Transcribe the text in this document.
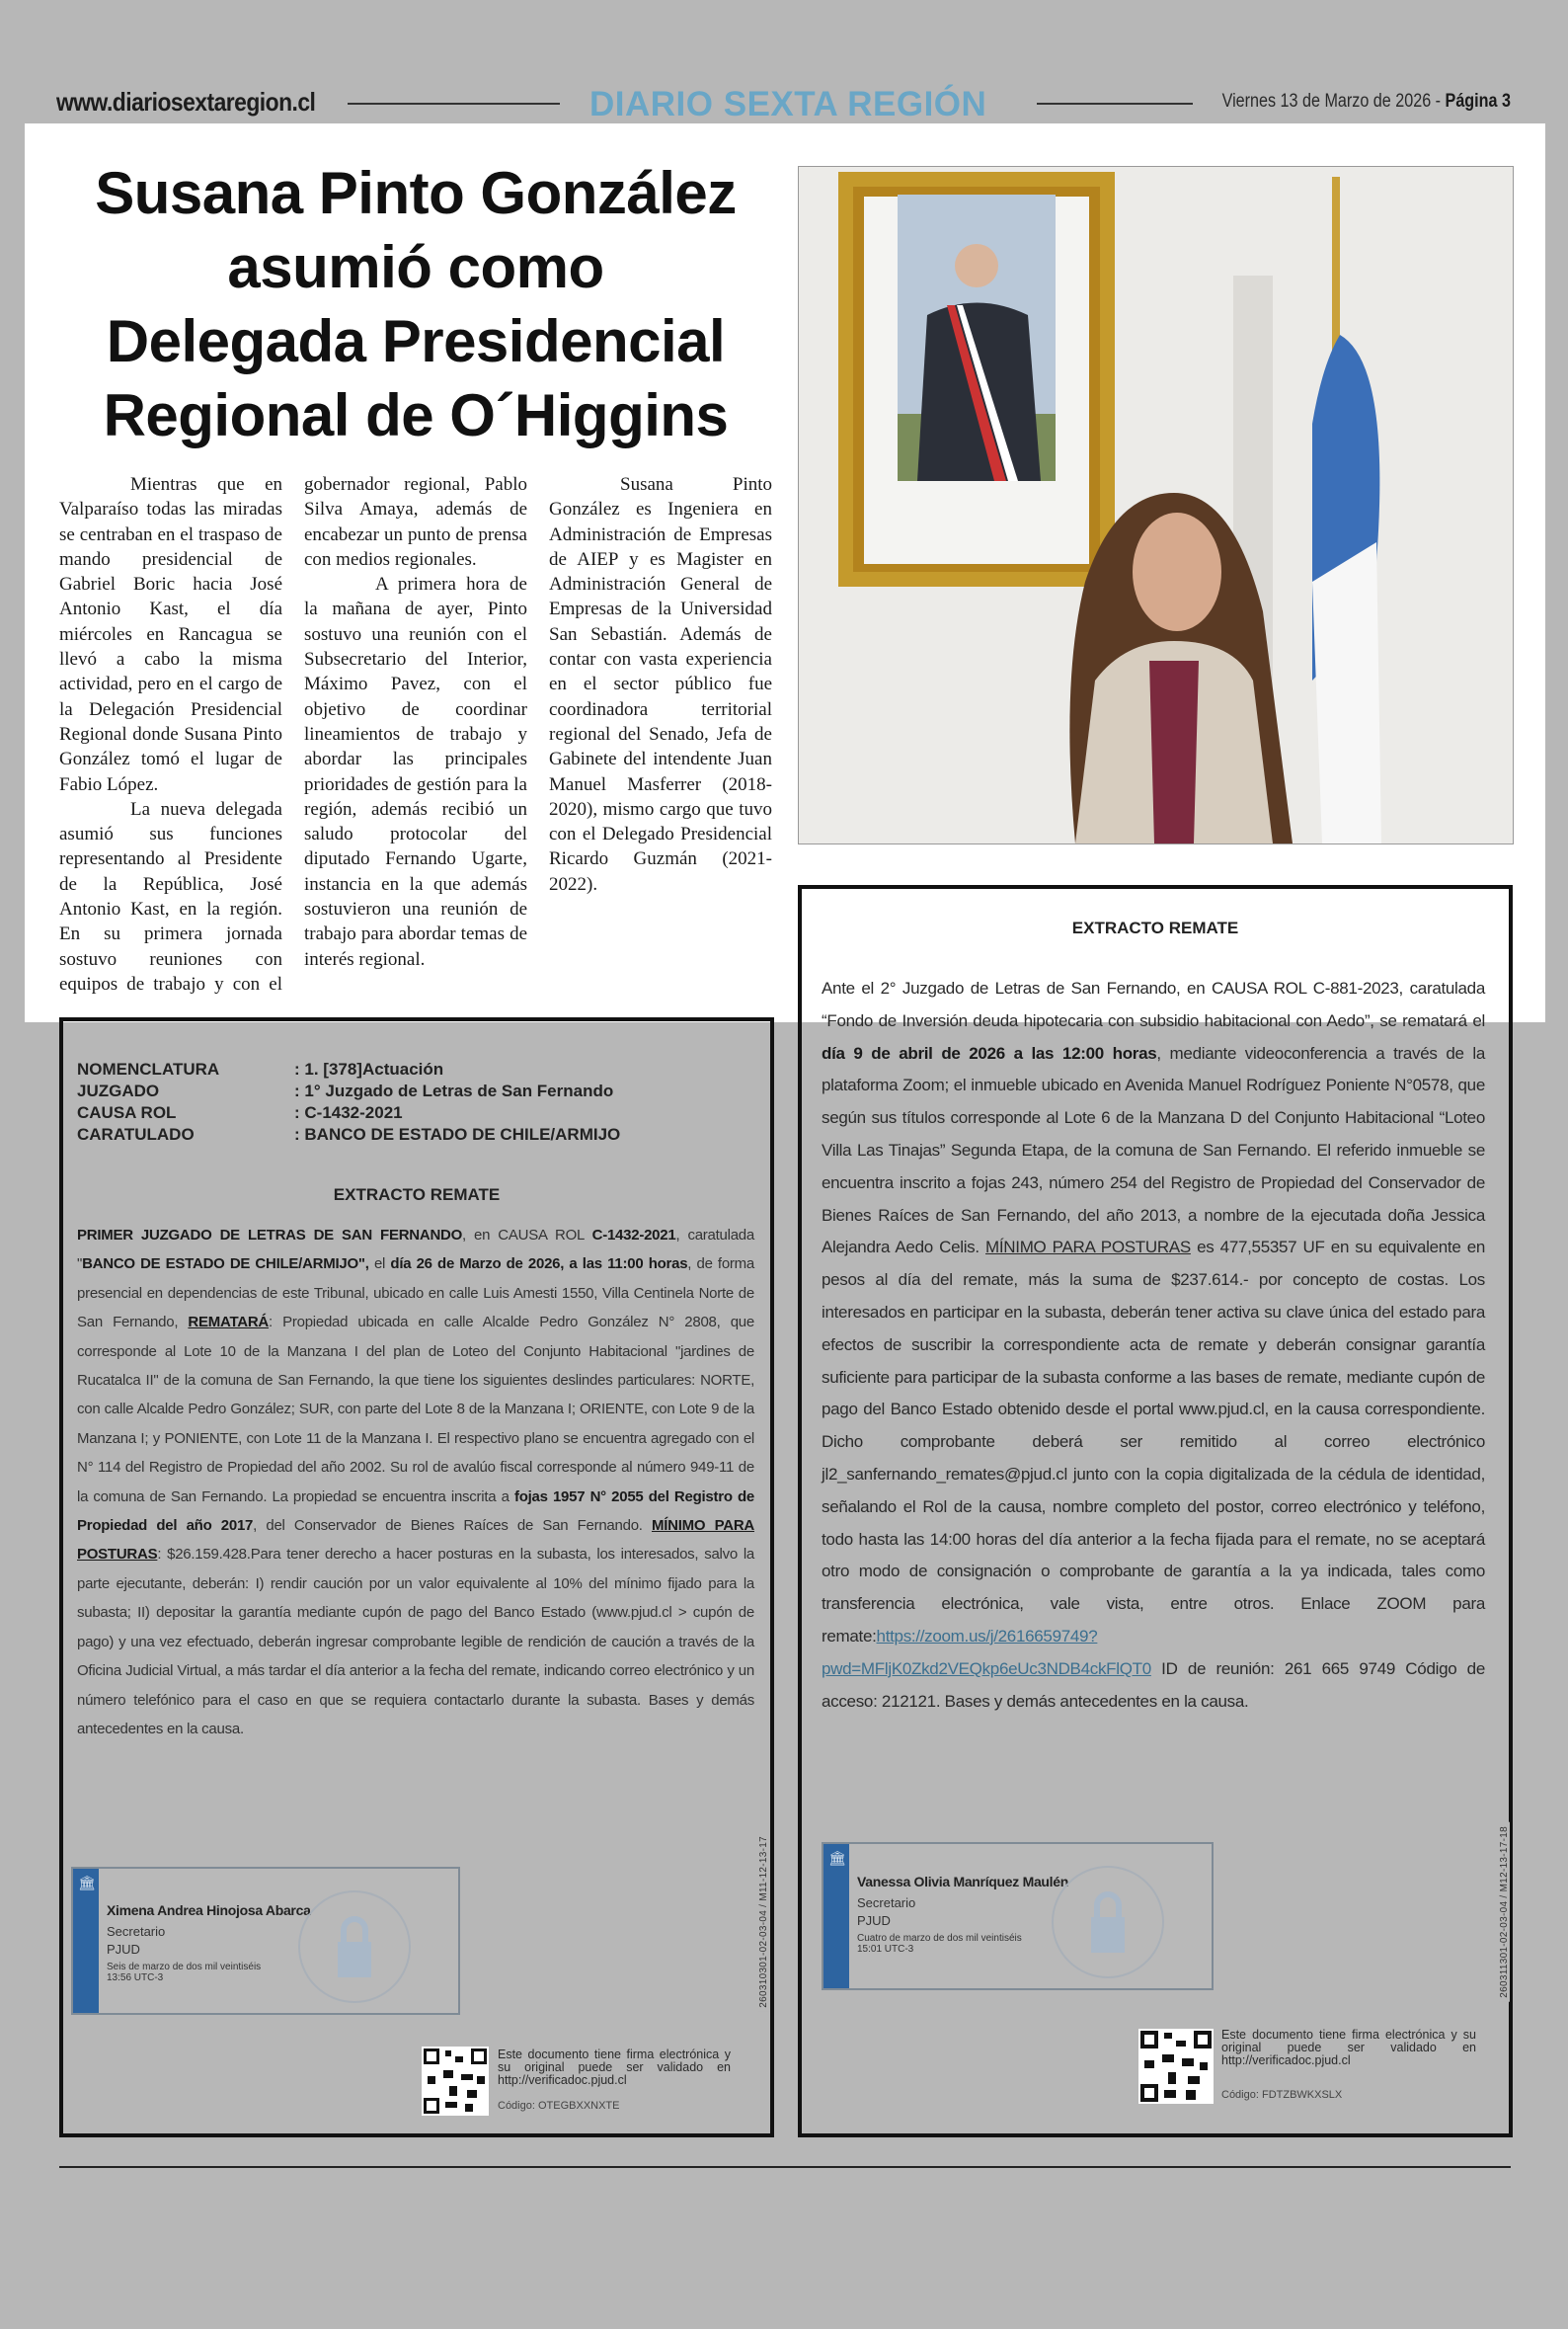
www.diariosextaregion.cl	DIARIO SEXTA REGIÓN	Viernes 13 de Marzo de 2026 - Página 3
Susana Pinto González
asumió como
Delegada Presidencial
Regional de O´Higgins

Mientras que en Valparaíso todas las miradas se centraban en el traspaso de mando presidencial de Gabriel Boric hacia José Antonio Kast, el día miércoles en Rancagua se llevó a cabo la misma actividad, pero en el cargo de la Delegación Presidencial Regional donde Susana Pinto González tomó el lugar de Fabio López.

La nueva delegada asumió sus funciones representando al Presidente de la República, José Antonio Kast, en la región. En su primera jornada sostuvo reuniones con equipos de trabajo y con el gobernador regional, Pablo Silva Amaya, además de encabezar un punto de prensa con medios regionales.

A primera hora de la mañana de ayer, Pinto sostuvo una reunión con el Subsecretario del Interior, Máximo Pavez, con el objetivo de coordinar lineamientos de trabajo y abordar las principales prioridades de gestión para la región, además recibió un saludo protocolar del diputado Fernando Ugarte, instancia en la que además sostuvieron una reunión de trabajo para abordar temas de interés regional.

Susana Pinto González es Ingeniera en Administración de Empresas de AIEP y es Magister en Administración General de Empresas de la Universidad San Sebastián. Además de contar con vasta experiencia en el sector público fue coordinadora territorial regional del Senado, Jefa de Gabinete del intendente Juan Manuel Masferrer (2018-2020), mismo cargo que tuvo con el Delegado Presidencial Ricardo Guzmán (2021-2022).

NOMENCLATURA	: 1. [378]Actuación
JUZGADO	: 1° Juzgado de Letras de San Fernando
CAUSA ROL	: C-1432-2021
CARATULADO	: BANCO DE ESTADO DE CHILE/ARMIJO
EXTRACTO REMATE
PRIMER JUZGADO DE LETRAS DE SAN FERNANDO, en CAUSA ROL C-1432-2021, caratulada "BANCO DE ESTADO DE CHILE/ARMIJO", el día 26 de Marzo de 2026, a las 11:00 horas, de forma presencial en dependencias de este Tribunal, ubicado en calle Luis Amesti 1550, Villa Centinela Norte de San Fernando, REMATARÁ: Propiedad ubicada en calle Alcalde Pedro González N° 2808, que corresponde al Lote 10 de la Manzana I del plan de Loteo del Conjunto Habitacional "jardines de Rucatalca II" de la comuna de San Fernando, la que tiene los siguientes deslindes particulares: NORTE, con calle Alcalde Pedro González; SUR, con parte del Lote 8 de la Manzana I; ORIENTE, con Lote 9 de la Manzana I; y PONIENTE, con Lote 11 de la Manzana I. El respectivo plano se encuentra agregado con el N° 114 del Registro de Propiedad del año 2002. Su rol de avalúo fiscal corresponde al número 949-11 de la comuna de San Fernando. La propiedad se encuentra inscrita a fojas 1957 N° 2055 del Registro de Propiedad del año 2017, del Conservador de Bienes Raíces de San Fernando. MÍNIMO PARA POSTURAS: $26.159.428.Para tener derecho a hacer posturas en la subasta, los interesados, salvo la parte ejecutante, deberán: I) rendir caución por un valor equivalente al 10% del mínimo fijado para la subasta; II) depositar la garantía mediante cupón de pago del Banco Estado (www.pjud.cl > cupón de pago) y una vez efectuado, deberán ingresar comprobante legible de rendición de caución a través de la Oficina Judicial Virtual, a más tardar el día anterior a la fecha del remate, indicando correo electrónico y un número telefónico para el caso en que se requiera contactarlo durante la subasta. Bases y demás antecedentes en la causa.
🏛
Ximena Andrea Hinojosa Abarca
Secretario
PJUD
Seis de marzo de dos mil veintiséis
13:56 UTC-3
Este documento tiene firma electrónica y su original puede ser validado en http://verificadoc.pjud.cl
Código: OTEGBXXNXTE
260310301-02-03-04 / M11-12-13-17
EXTRACTO REMATE
Ante el 2° Juzgado de Letras de San Fernando, en CAUSA ROL C-881-2023, caratulada “Fondo de Inversión deuda hipotecaria con subsidio habitacional con Aedo”, se rematará el día 9 de abril de 2026 a las 12:00 horas, mediante videoconferencia a través de la plataforma Zoom; el inmueble ubicado en Avenida Manuel Rodríguez Poniente N°0578, que según sus títulos corresponde al Lote 6 de la Manzana D del Conjunto Habitacional “Loteo Villa Las Tinajas” Segunda Etapa, de la comuna de San Fernando. El referido inmueble se encuentra inscrito a fojas 243, número 254 del Registro de Propiedad del Conservador de Bienes Raíces de San Fernando, del año 2013, a nombre de la ejecutada doña Jessica Alejandra Aedo Celis. MÍNIMO PARA POSTURAS es 477,55357 UF en su equivalente en pesos al día del remate, más la suma de $237.614.- por concepto de costas. Los interesados en participar en la subasta, deberán tener activa su clave única del estado para efectos de suscribir la correspondiente acta de remate y deberán consignar garantía suficiente para participar de la subasta conforme a las bases de remate, mediante cupón de pago del Banco Estado obtenido desde el portal www.pjud.cl, en la causa correspondiente. Dicho comprobante deberá ser remitido al correo electrónico jl2_sanfernando_remates@pjud.cl junto con la copia digitalizada de la cédula de identidad, señalando el Rol de la causa, nombre completo del postor, correo electrónico y teléfono, todo hasta las 14:00 horas del día anterior a la fecha fijada para el remate, no se aceptará otro modo de consignación o comprobante de garantía a la ya indicada, tales como transferencia electrónica, vale vista, entre otros. Enlace ZOOM para remate:https://zoom.us/j/2616659749?
pwd=MFljK0Zkd2VEQkp6eUc3NDB4ckFlQT0 ID de reunión: 261 665 9749 Código de acceso: 212121. Bases y demás antecedentes en la causa.
🏛
Vanessa Olivia Manríquez Maulén
Secretario
PJUD
Cuatro de marzo de dos mil veintiséis
15:01 UTC-3
Este documento tiene firma electrónica y su original puede ser validado en http://verificadoc.pjud.cl
Código: FDTZBWKXSLX
260311301-02-03-04 / M12-13-17-18
